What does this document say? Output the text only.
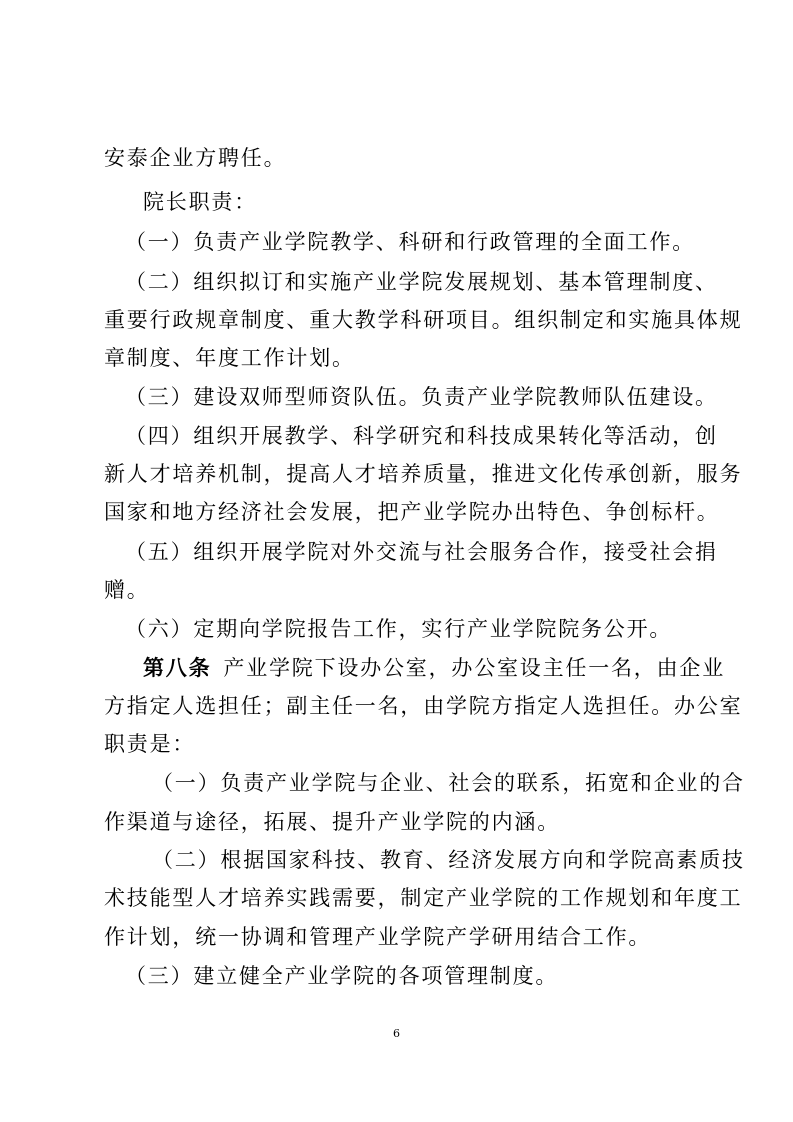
安泰企业方聘任。
院长职责：
（一）负责产业学院教学、科研和行政管理的全面工作。
（二）组织拟订和实施产业学院发展规划、基本管理制度、
重要行政规章制度、重大教学科研项目。组织制定和实施具体规
章制度、年度工作计划。
（三）建设双师型师资队伍。负责产业学院教师队伍建设。
（四）组织开展教学、科学研究和科技成果转化等活动，创
新人才培养机制，提高人才培养质量，推进文化传承创新，服务
国家和地方经济社会发展，把产业学院办出特色、争创标杆。
（五）组织开展学院对外交流与社会服务合作，接受社会捐
赠。
（六）定期向学院报告工作，实行产业学院院务公开。
第八条 产业学院下设办公室，办公室设主任一名，由企业
方指定人选担任；副主任一名，由学院方指定人选担任。办公室
职责是：
（一）负责产业学院与企业、社会的联系，拓宽和企业的合
作渠道与途径，拓展、提升产业学院的内涵。
（二）根据国家科技、教育、经济发展方向和学院高素质技
术技能型人才培养实践需要，制定产业学院的工作规划和年度工
作计划，统一协调和管理产业学院产学研用结合工作。
（三）建立健全产业学院的各项管理制度。
6
